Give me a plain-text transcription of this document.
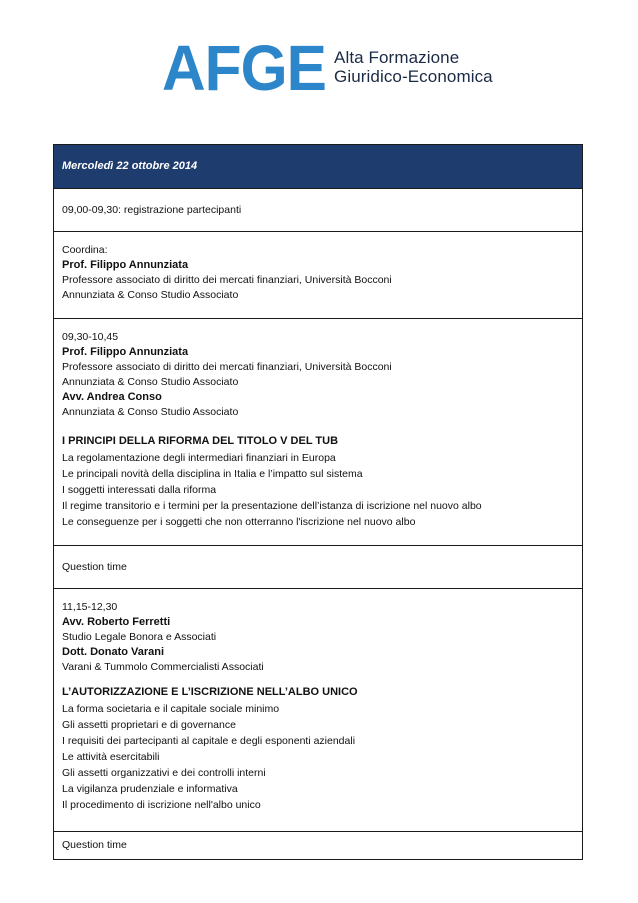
AFGE Alta Formazione
Giuridico-Economica
Mercoledì 22 ottobre 2014
09,00-09,30: registrazione partecipanti
Coordina:
Prof. Filippo Annunziata
Professore associato di diritto dei mercati finanziari, Università Bocconi
Annunziata & Conso Studio Associato
09,30-10,45
Prof. Filippo Annunziata
Professore associato di diritto dei mercati finanziari, Università Bocconi
Annunziata & Conso Studio Associato
Avv. Andrea Conso
Annunziata & Conso Studio Associato
I PRINCIPI DELLA RIFORMA DEL TITOLO V DEL TUB
La regolamentazione degli intermediari finanziari in Europa
Le principali novità della disciplina in Italia e l’impatto sul sistema
I soggetti interessati dalla riforma
Il regime transitorio e i termini per la presentazione dell’istanza di iscrizione nel nuovo albo
Le conseguenze per i soggetti che non otterranno l'iscrizione nel nuovo albo
Question time
11,15-12,30
Avv. Roberto Ferretti
Studio Legale Bonora e Associati
Dott. Donato Varani
Varani & Tummolo Commercialisti Associati
L’AUTORIZZAZIONE E L’ISCRIZIONE NELL’ALBO UNICO
La forma societaria e il capitale sociale minimo
Gli assetti proprietari e di governance
I requisiti dei partecipanti al capitale e degli esponenti aziendali
Le attività esercitabili
Gli assetti organizzativi e dei controlli interni
La vigilanza prudenziale e informativa
Il procedimento di iscrizione nell'albo unico
Question time
